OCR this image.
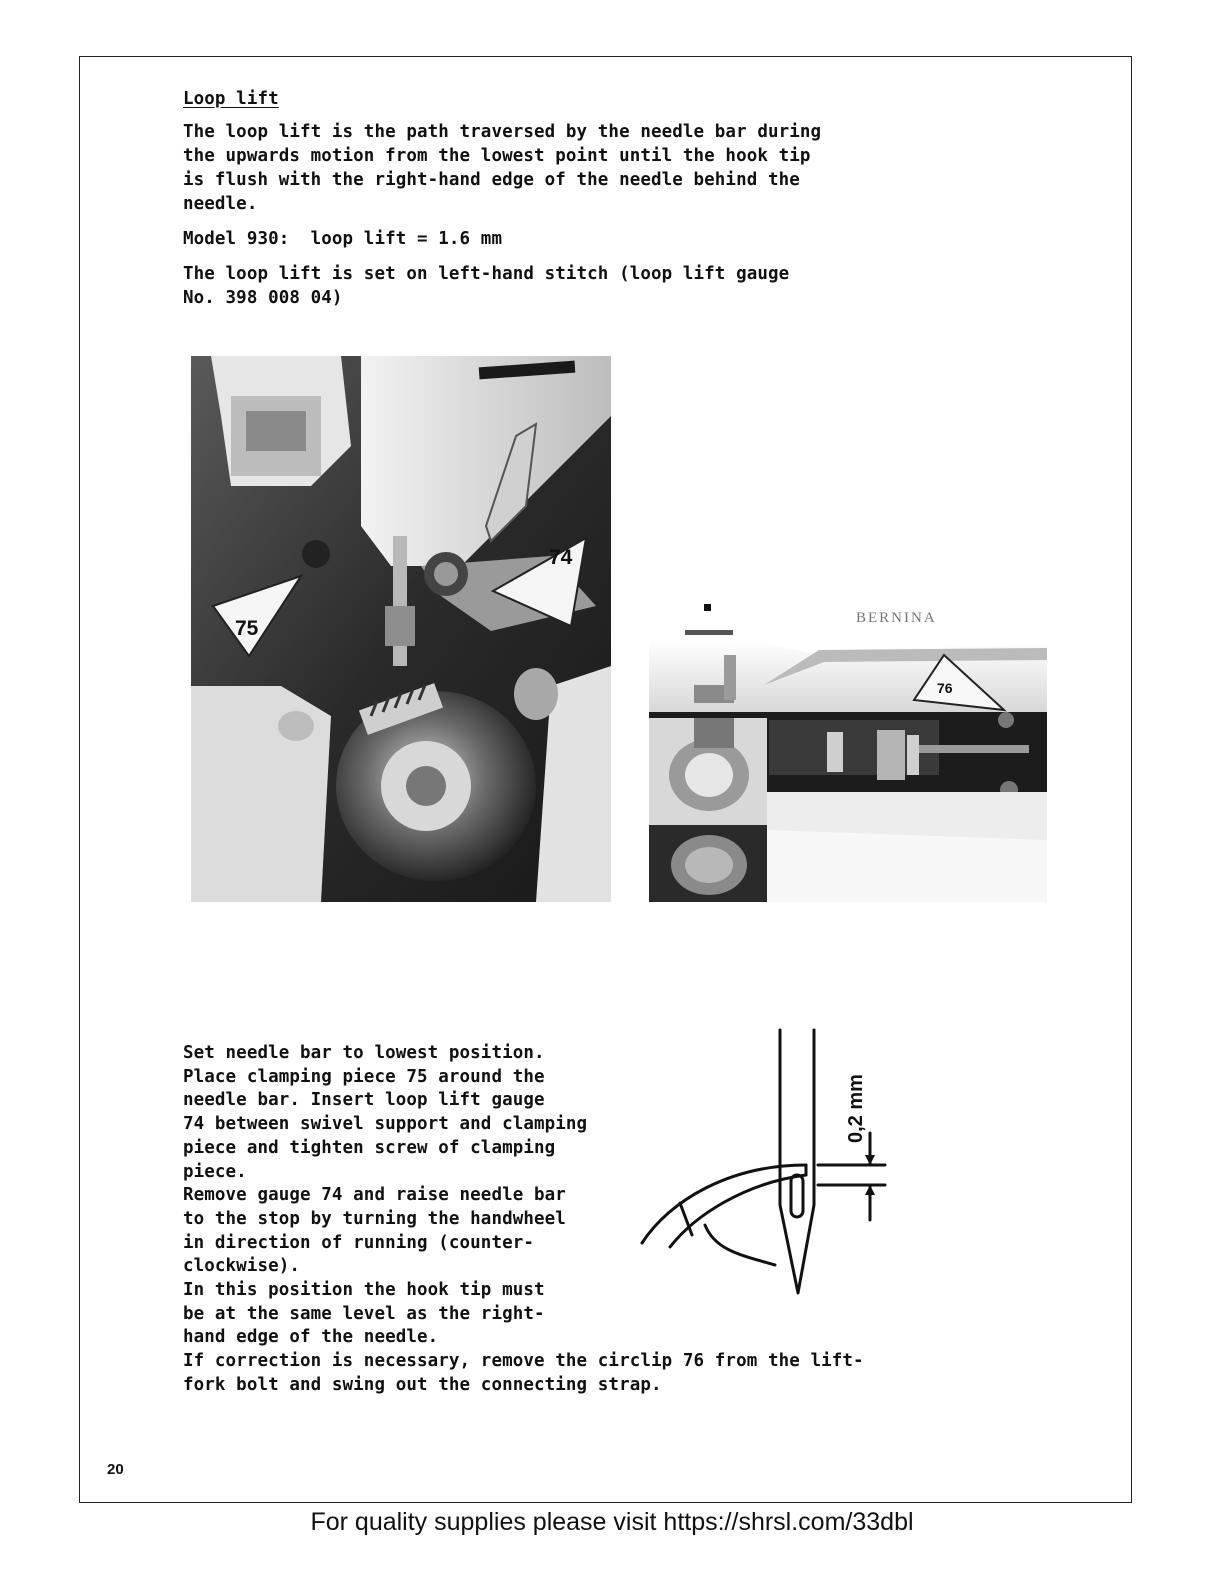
Loop lift
The loop lift is the path traversed by the needle bar during
the upwards motion from the lowest point until the hook tip
is flush with the right-hand edge of the needle behind the
needle.
Model 930:  loop lift = 1.6 mm
The loop lift is set on left-hand stitch (loop lift gauge
No. 398 008 04)
74
75	BERNINA
76
Set needle bar to lowest position.
Place clamping piece 75 around the
needle bar. Insert loop lift gauge
74 between swivel support and clamping
piece and tighten screw of clamping
piece.
Remove gauge 74 and raise needle bar
to the stop by turning the handwheel
in direction of running (counter-
clockwise).
In this position the hook tip must
be at the same level as the right-
hand edge of the needle.
If correction is necessary, remove the circlip 76 from the lift-
fork bolt and swing out the connecting strap.
0,2 mm
20
For quality supplies please visit https://shrsl.com/33dbl
